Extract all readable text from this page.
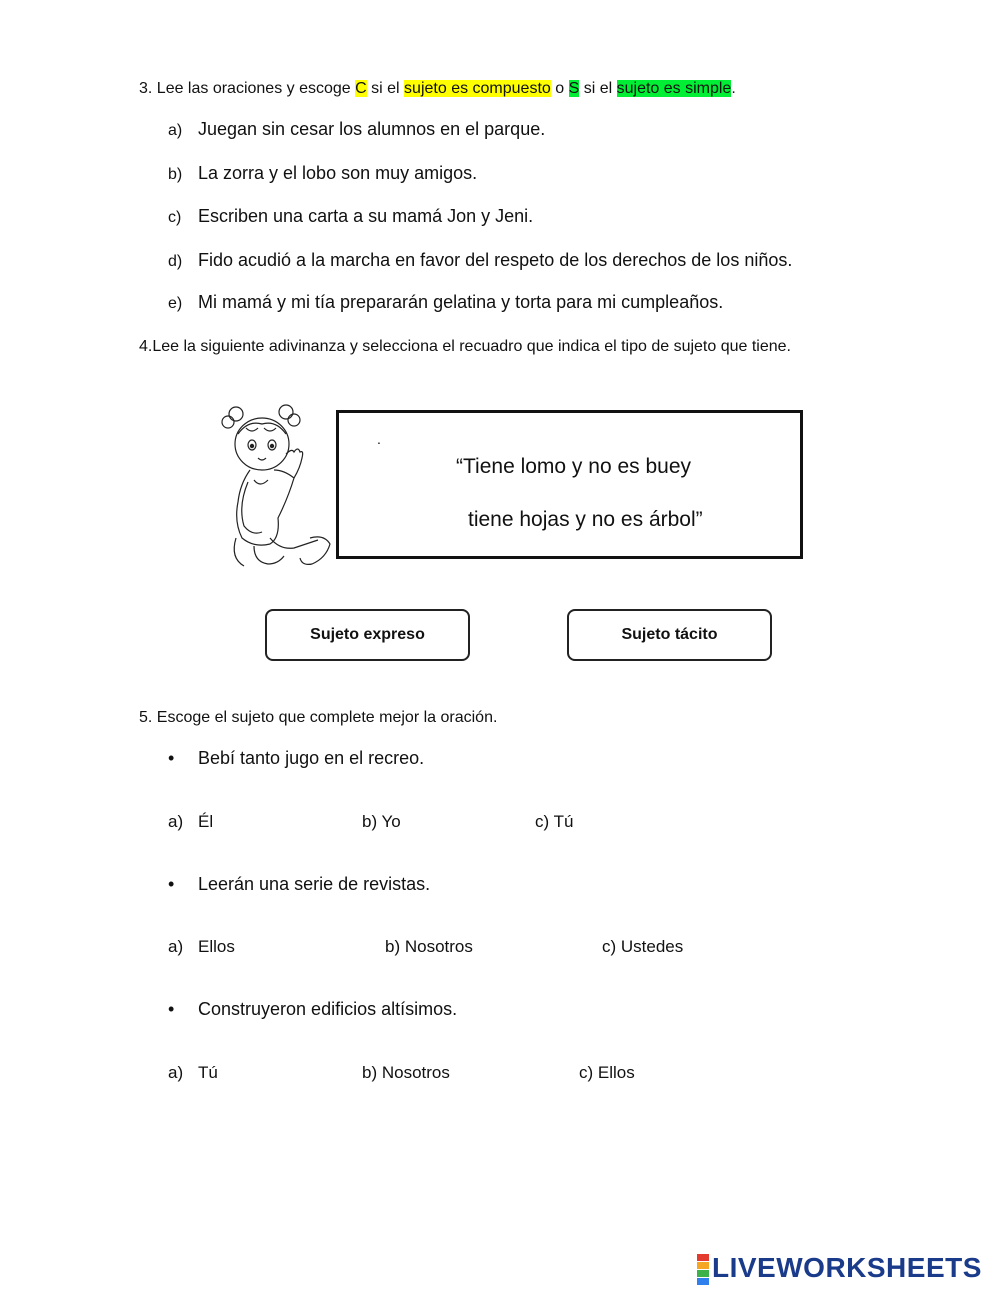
3. Lee las oraciones y escoge C si el sujeto es compuesto o S si el sujeto es simple.
a) Juegan sin cesar los alumnos en el parque.
b) La zorra y el lobo son muy amigos.
c) Escriben una carta a su mamá Jon y Jeni.
d) Fido acudió a la marcha en favor del respeto de los derechos de los niños.
e) Mi mamá y mi tía prepararán gelatina y torta para mi cumpleaños.
4.Lee la siguiente adivinanza y selecciona el recuadro que indica el tipo de sujeto que tiene.
.
“Tiene lomo y no es buey
tiene hojas y no es árbol”
Sujeto expreso	Sujeto tácito
5. Escoge el sujeto que complete mejor la oración.
• Bebí tanto jugo en el recreo.
a) Él	b) Yo	c) Tú
• Leerán una serie de revistas.
a) Ellos	b) Nosotros	c) Ustedes
• Construyeron edificios altísimos.
a) Tú	b) Nosotros	c) Ellos
LIVEWORKSHEETS
